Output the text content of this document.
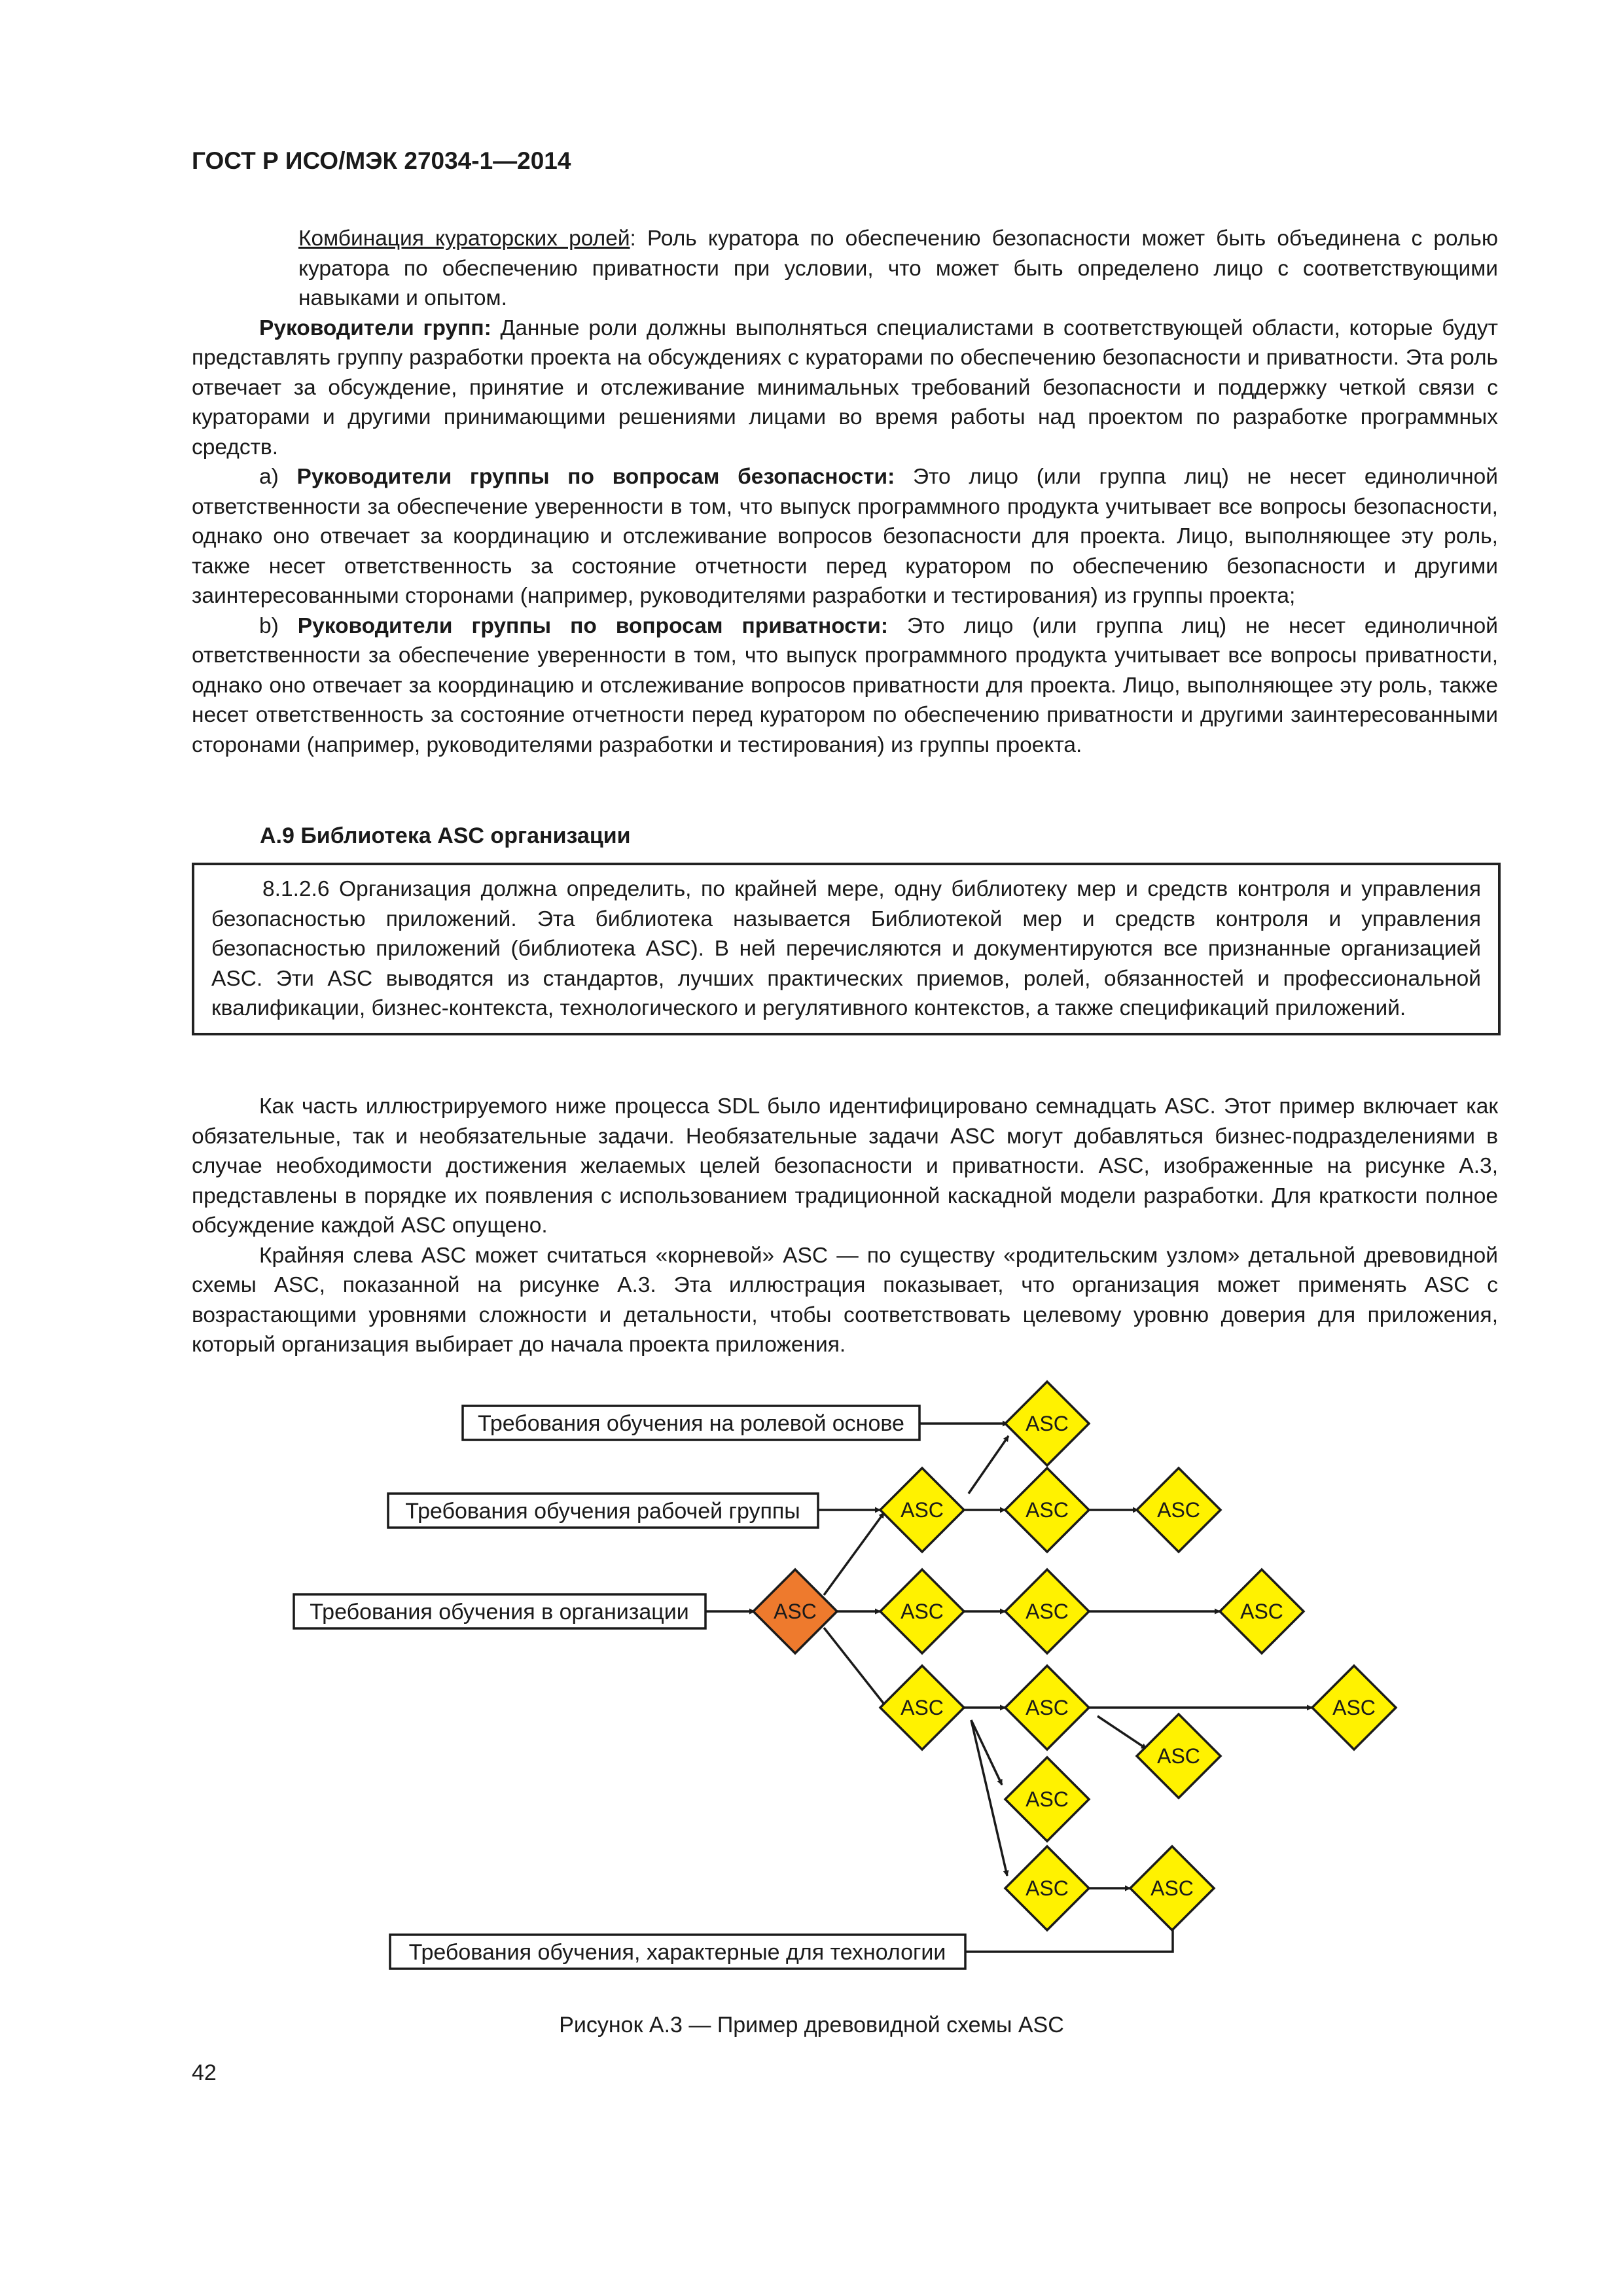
ГОСТ Р ИСО/МЭК 27034-1—2014

Комбинация кураторских ролей: Роль куратора по обеспечению безопасности может быть объединена с ролью куратора по обеспечению приватности при условии, что может быть определено лицо с соответствующими навыками и опытом.

Руководители групп: Данные роли должны выполняться специалистами в соответствующей области, которые будут представлять группу разработки проекта на обсуждениях с кураторами по обеспечению безопасности и приватности. Эта роль отвечает за обсуждение, принятие и отслеживание минимальных требований безопасности и поддержку четкой связи с кураторами и другими принимающими решениями лицами во время работы над проектом по разработке программных средств.

a) Руководители группы по вопросам безопасности: Это лицо (или группа лиц) не несет единоличной ответственности за обеспечение уверенности в том, что выпуск программного продукта учитывает все вопросы безопасности, однако оно отвечает за координацию и отслеживание вопросов безопасности для проекта. Лицо, выполняющее эту роль, также несет ответственность за состояние отчетности перед куратором по обеспечению безопасности и другими заинтересованными сторонами (например, руководителями разработки и тестирования) из группы проекта;

b) Руководители группы по вопросам приватности: Это лицо (или группа лиц) не несет единоличной ответственности за обеспечение уверенности в том, что выпуск программного продукта учитывает все вопросы приватности, однако оно отвечает за координацию и отслеживание вопросов приватности для проекта. Лицо, выполняющее эту роль, также несет ответственность за состояние отчетности перед куратором по обеспечению приватности и другими заинтересованными сторонами (например, руководителями разработки и тестирования) из группы проекта.

A.9 Библиотека ASC организации

8.1.2.6 Организация должна определить, по крайней мере, одну библиотеку мер и средств контроля и управления безопасностью приложений. Эта библиотека называется Библиотекой мер и средств контроля и управления безопасностью приложений (библиотека ASC). В ней перечисляются и документируются все признанные организацией ASC. Эти ASC выводятся из стандартов, лучших практических приемов, ролей, обязанностей и профессиональной квалификации, бизнес-контекста, технологического и регулятивного контекстов, а также спецификаций приложений.

Как часть иллюстрируемого ниже процесса SDL было идентифицировано семнадцать ASC. Этот пример включает как обязательные, так и необязательные задачи. Необязательные задачи ASC могут добавляться бизнес-подразделениями в случае необходимости достижения желаемых целей безопасности и приватности. ASC, изображенные на рисунке A.3, представлены в порядке их появления с использованием традиционной каскадной модели разработки. Для краткости полное обсуждение каждой ASC опущено.

Крайняя слева ASC может считаться «корневой» ASC — по существу «родительским узлом» детальной древовидной схемы ASC, показанной на рисунке A.3. Эта иллюстрация показывает, что организация может применять ASC с возрастающими уровнями сложности и детальности, чтобы соответствовать целевому уровню доверия для приложения, который организация выбирает до начала проекта приложения.

Требования обучения на ролевой основе
Требования обучения рабочей группы
Требования обучения в организации
Требования обучения, характерные для технологии
ASC
ASC
ASC	ASC	ASC
ASC	ASC	ASC
ASC	ASC	ASC
ASC
ASC
ASC	ASC
Рисунок A.3 — Пример древовидной схемы ASC
42
